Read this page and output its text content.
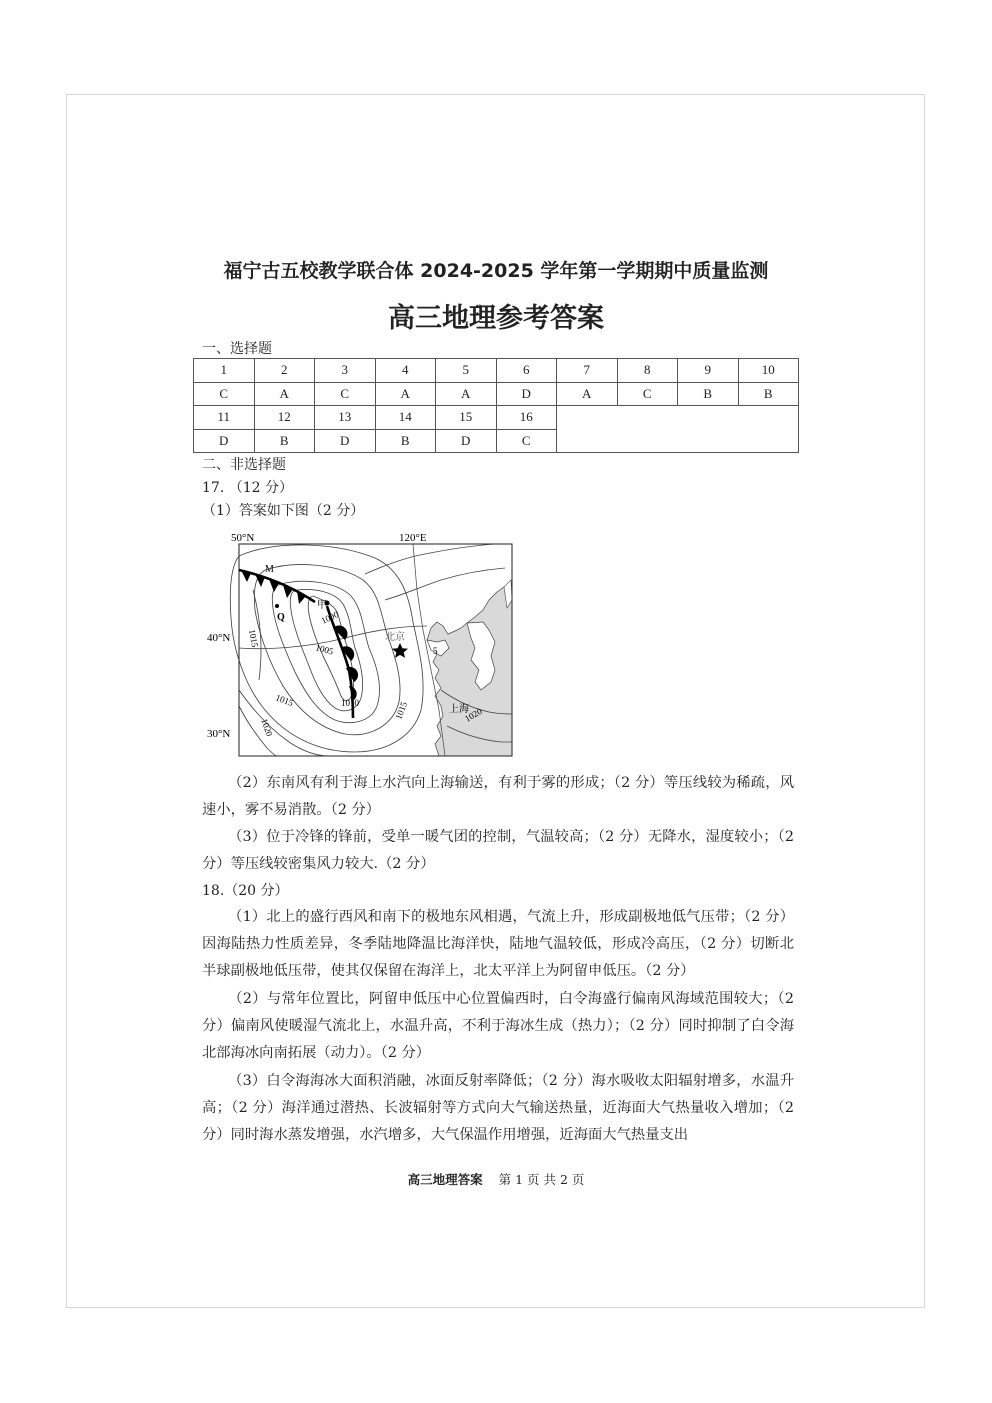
福宁古五校教学联合体 2024-2025 学年第一学期期中质量监测
高三地理参考答案
一、选择题
1	2	3	4	5	6	7	8	9	10
C	A	C	A	A	D	A	C	B	B
11	12	13	14	15	16				
D	B	D	B	D	C				
二、非选择题
17. （12 分）
（1）答案如下图（2 分）
50°N	120°E
40°N
30°N
M
Q
甲
北京
上海
1000
1005
1010
1015
1015
1015
1020
1020
5
（2）东南风有利于海上水汽向上海输送，有利于雾的形成；（2 分）等压线较为稀疏，风速小，雾不易消散。（2 分）
（3）位于冷锋的锋前，受单一暖气团的控制，气温较高；（2 分）无降水，湿度较小；（2 分）等压线较密集风力较大.（2 分）
18.（20 分）
（1）北上的盛行西风和南下的极地东风相遇，气流上升，形成副极地低气压带；（2 分）因海陆热力性质差异，冬季陆地降温比海洋快，陆地气温较低，形成冷高压，（2 分）切断北半球副极地低压带，使其仅保留在海洋上，北太平洋上为阿留申低压。（2 分）
（2）与常年位置比，阿留申低压中心位置偏西时，白令海盛行偏南风海域范围较大；（2 分）偏南风使暖湿气流北上，水温升高，不利于海冰生成（热力）；（2 分）同时抑制了白令海北部海冰向南拓展（动力）。（2 分）
（3）白令海海冰大面积消融，冰面反射率降低；（2 分）海水吸收太阳辐射增多，水温升高；（2 分）海洋通过潜热、长波辐射等方式向大气输送热量，近海面大气热量收入增加；（2 分）同时海水蒸发增强，水汽增多，大气保温作用增强，近海面大气热量支出
高三地理答案 第 1 页 共 2 页
